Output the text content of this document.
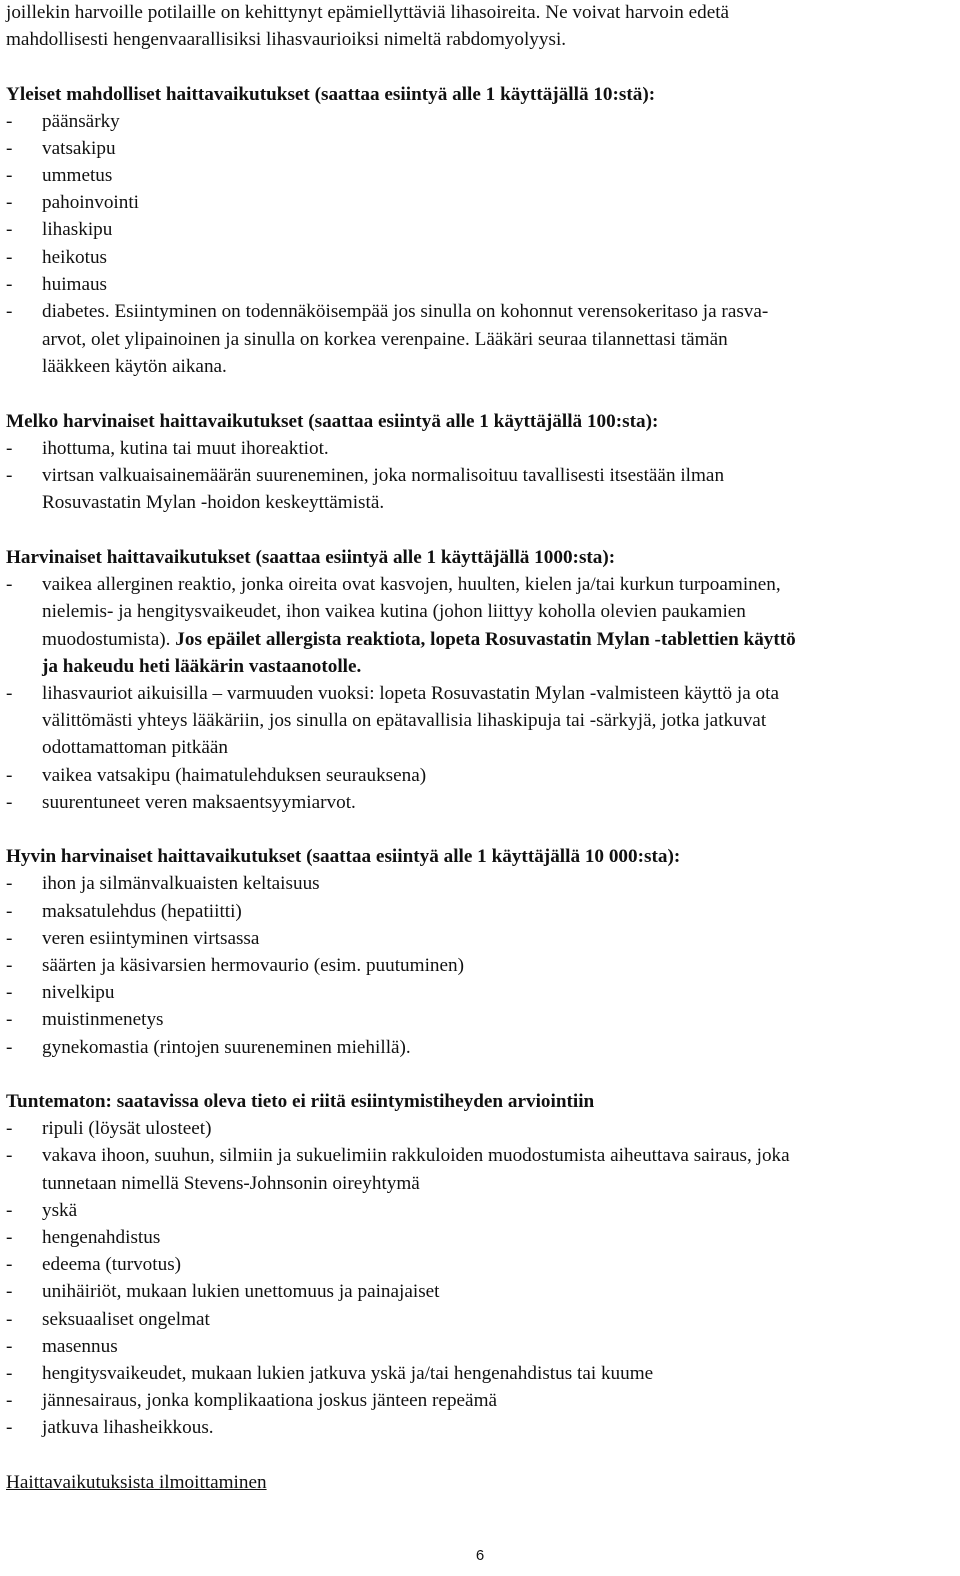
joillekin harvoille potilaille on kehittynyt epämiellyttäviä lihasoireita. Ne voivat harvoin edetä

mahdollisesti hengenvaarallisiksi lihasvaurioiksi nimeltä rabdomyolyysi.

Yleiset mahdolliset haittavaikutukset (saattaa esiintyä alle 1 käyttäjällä 10:stä):

- päänsärky

- vatsakipu

- ummetus

- pahoinvointi

- lihaskipu

- heikotus

- huimaus

- diabetes. Esiintyminen on todennäköisempää jos sinulla on kohonnut verensokeritaso ja rasva-

arvot, olet ylipainoinen ja sinulla on korkea verenpaine. Lääkäri seuraa tilannettasi tämän

lääkkeen käytön aikana.

Melko harvinaiset haittavaikutukset (saattaa esiintyä alle 1 käyttäjällä 100:sta):

- ihottuma, kutina tai muut ihoreaktiot.

- virtsan valkuaisainemäärän suureneminen, joka normalisoituu tavallisesti itsestään ilman

Rosuvastatin Mylan -hoidon keskeyttämistä.

Harvinaiset haittavaikutukset (saattaa esiintyä alle 1 käyttäjällä 1000:sta):

- vaikea allerginen reaktio, jonka oireita ovat kasvojen, huulten, kielen ja/tai kurkun turpoaminen,

nielemis- ja hengitysvaikeudet, ihon vaikea kutina (johon liittyy koholla olevien paukamien

muodostumista). Jos epäilet allergista reaktiota, lopeta Rosuvastatin Mylan -tablettien käyttö

ja hakeudu heti lääkärin vastaanotolle.

- lihasvauriot aikuisilla – varmuuden vuoksi: lopeta Rosuvastatin Mylan -valmisteen käyttö ja ota

välittömästi yhteys lääkäriin, jos sinulla on epätavallisia lihaskipuja tai -särkyjä, jotka jatkuvat

odottamattoman pitkään

- vaikea vatsakipu (haimatulehduksen seurauksena)

- suurentuneet veren maksaentsyymiarvot.

Hyvin harvinaiset haittavaikutukset (saattaa esiintyä alle 1 käyttäjällä 10 000:sta):

- ihon ja silmänvalkuaisten keltaisuus

- maksatulehdus (hepatiitti)

- veren esiintyminen virtsassa

- säärten ja käsivarsien hermovaurio (esim. puutuminen)

- nivelkipu

- muistinmenetys

- gynekomastia (rintojen suureneminen miehillä).

Tuntematon: saatavissa oleva tieto ei riitä esiintymistiheyden arviointiin

- ripuli (löysät ulosteet)

- vakava ihoon, suuhun, silmiin ja sukuelimiin rakkuloiden muodostumista aiheuttava sairaus, joka

tunnetaan nimellä Stevens-Johnsonin oireyhtymä

- yskä

- hengenahdistus

- edeema (turvotus)

- unihäiriöt, mukaan lukien unettomuus ja painajaiset

- seksuaaliset ongelmat

- masennus

- hengitysvaikeudet, mukaan lukien jatkuva yskä ja/tai hengenahdistus tai kuume

- jännesairaus, jonka komplikaationa joskus jänteen repeämä

- jatkuva lihasheikkous.

Haittavaikutuksista ilmoittaminen

6
